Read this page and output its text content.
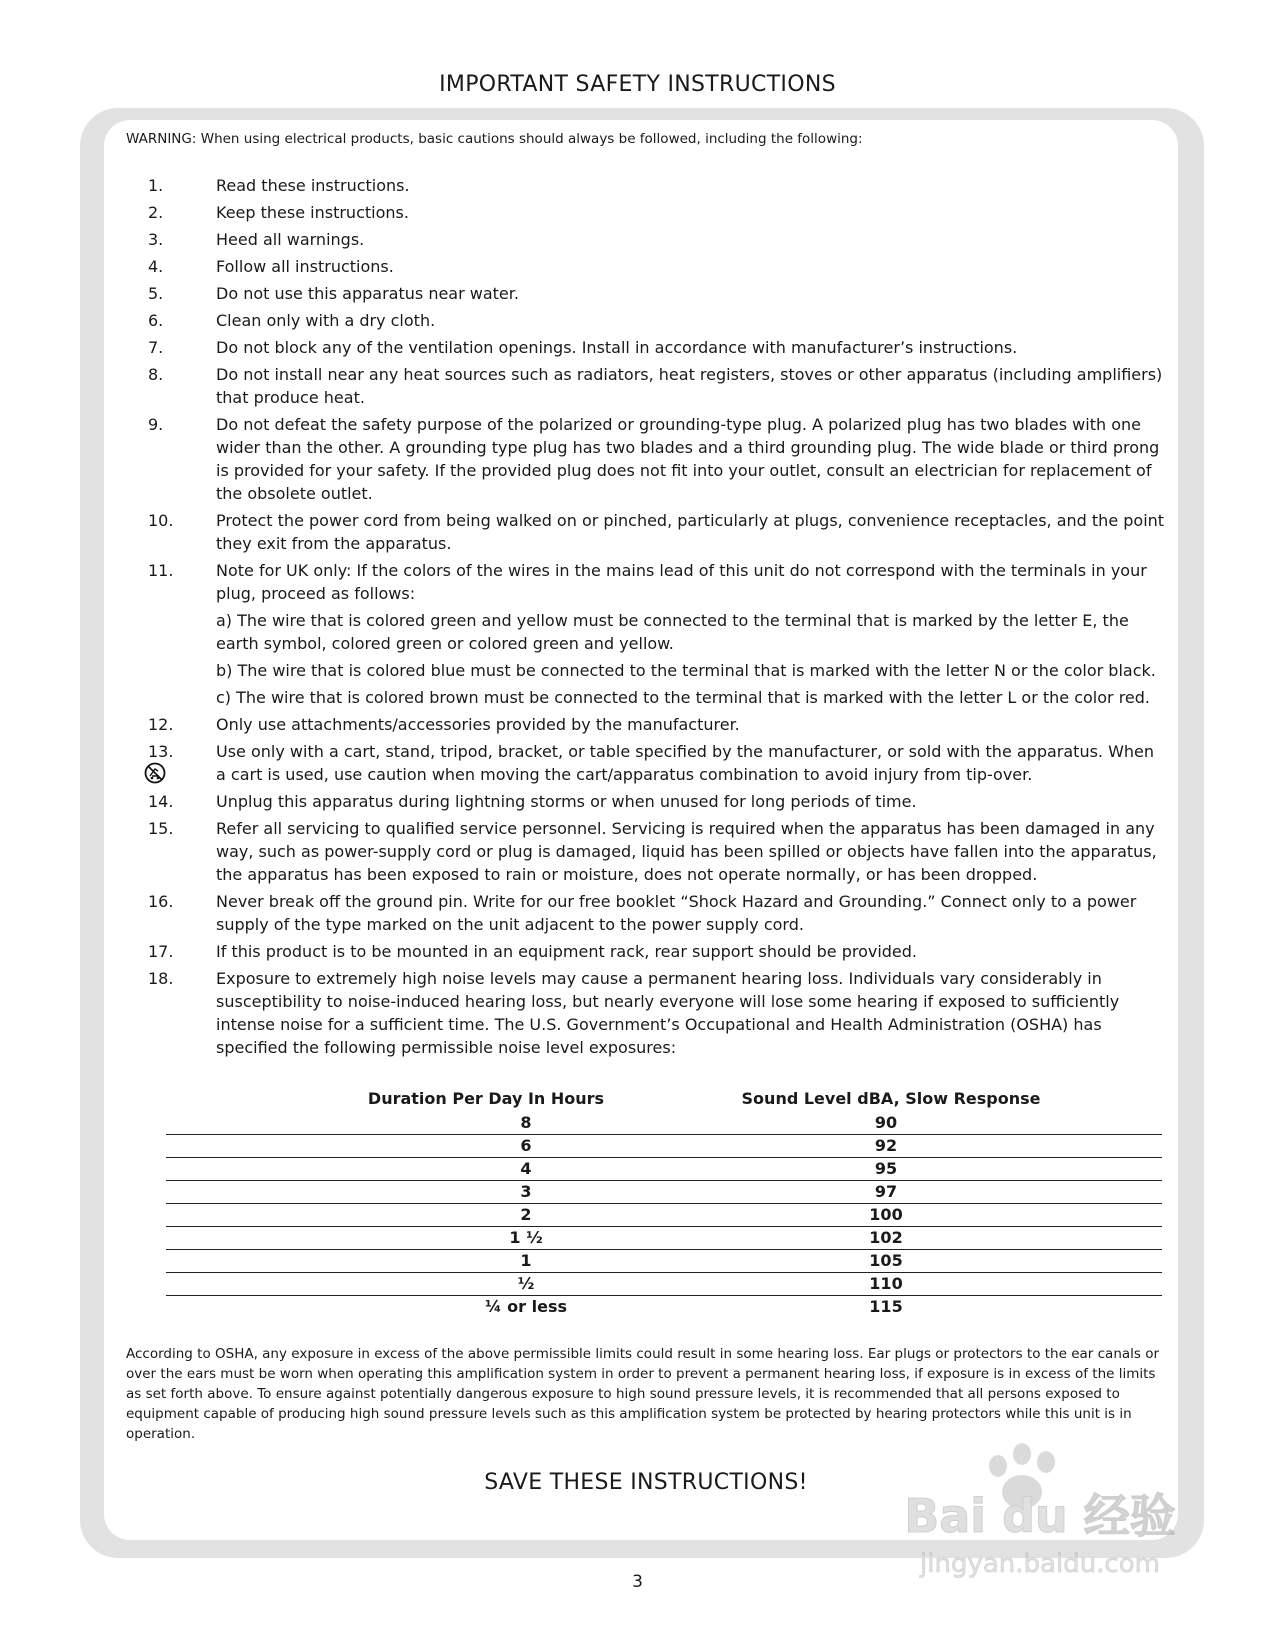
IMPORTANT SAFETY INSTRUCTIONS

WARNING: When using electrical products, basic cautions should always be followed, including the following:

1.	Read these instructions.
2.	Keep these instructions.
3.	Heed all warnings.
4.	Follow all instructions.
5.	Do not use this apparatus near water.
6.	Clean only with a dry cloth.
7.	Do not block any of the ventilation openings. Install in accordance with manufacturer’s instructions.
8.	Do not install near any heat sources such as radiators, heat registers, stoves or other apparatus (including amplifiers) that produce heat.
9.	Do not defeat the safety purpose of the polarized or grounding-type plug. A polarized plug has two blades with one wider than the other. A grounding type plug has two blades and a third grounding plug. The wide blade or third prong is provided for your safety. If the provided plug does not fit into your outlet, consult an electrician for replacement of the obsolete outlet.
10.	Protect the power cord from being walked on or pinched, particularly at plugs, convenience receptacles, and the point they exit from the apparatus.
11.	Note for UK only: If the colors of the wires in the mains lead of this unit do not correspond with the terminals in your plug, proceed as follows:
a) The wire that is colored green and yellow must be connected to the terminal that is marked by the letter E, the earth symbol, colored green or colored green and yellow.
b) The wire that is colored blue must be connected to the terminal that is marked with the letter N or the color black.
c) The wire that is colored brown must be connected to the terminal that is marked with the letter L or the color red.
12.	Only use attachments/accessories provided by the manufacturer.
13.	Use only with a cart, stand, tripod, bracket, or table specified by the manufacturer, or sold with the apparatus. When a cart is used, use caution when moving the cart/apparatus combination to avoid injury from tip-over.
14.	Unplug this apparatus during lightning storms or when unused for long periods of time.
15.	Refer all servicing to qualified service personnel. Servicing is required when the apparatus has been damaged in any way, such as power-supply cord or plug is damaged, liquid has been spilled or objects have fallen into the apparatus, the apparatus has been exposed to rain or moisture, does not operate normally, or has been dropped.
16.	Never break off the ground pin. Write for our free booklet “Shock Hazard and Grounding.” Connect only to a power supply of the type marked on the unit adjacent to the power supply cord.
17.	If this product is to be mounted in an equipment rack, rear support should be provided.
18.	Exposure to extremely high noise levels may cause a permanent hearing loss. Individuals vary considerably in susceptibility to noise-induced hearing loss, but nearly everyone will lose some hearing if exposed to sufficiently intense noise for a sufficient time. The U.S. Government’s Occupational and Health Administration (OSHA) has specified the following permissible noise level exposures:
Duration Per Day In Hours	Sound Level dBA, Slow Response
8	90
6	92
4	95
3	97
2	100
1 ½	102
1	105
½	110
¼ or less	115

According to OSHA, any exposure in excess of the above permissible limits could result in some hearing loss. Ear plugs or protectors to the ear canals or over the ears must be worn when operating this amplification system in order to prevent a permanent hearing loss, if exposure is in excess of the limits as set forth above. To ensure against potentially dangerous exposure to high sound pressure levels, it is recommended that all persons exposed to equipment capable of producing high sound pressure levels such as this amplification system be protected by hearing protectors while this unit is in operation.

SAVE THESE INSTRUCTIONS!
Bai du 经验
jingyan.baidu.com
3
